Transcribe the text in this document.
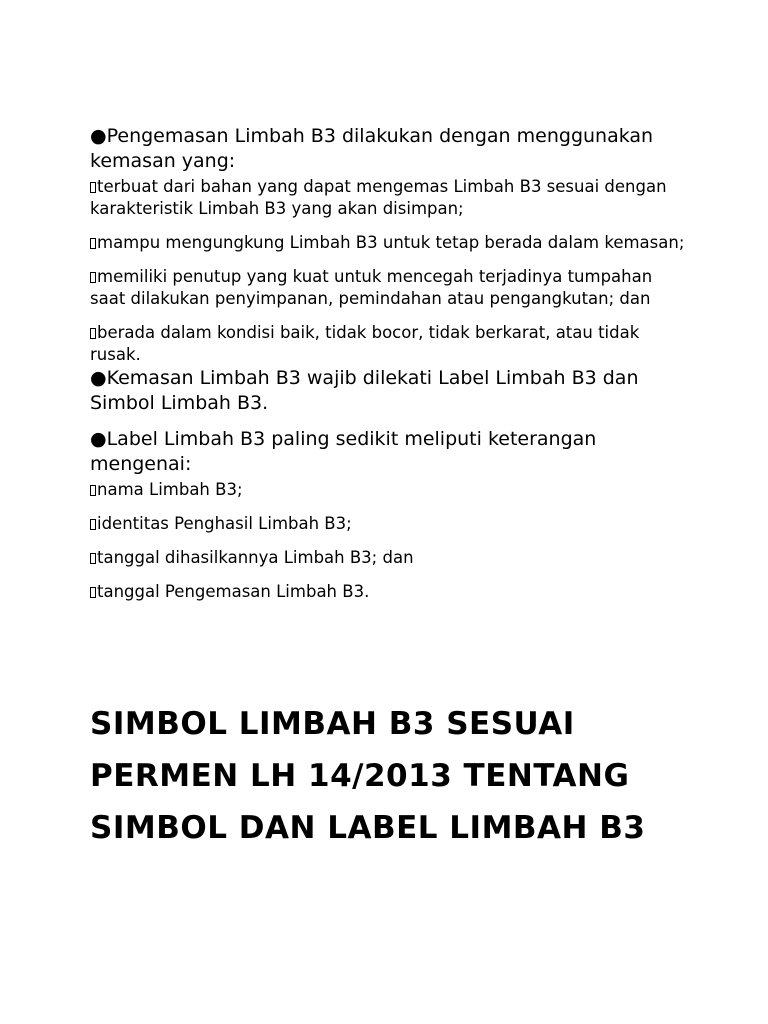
●Pengemasan Limbah B3 dilakukan dengan menggunakan kemasan yang:

terbuat dari bahan yang dapat mengemas Limbah B3 sesuai dengan karakteristik Limbah B3 yang akan disimpan;

mampu mengungkung Limbah B3 untuk tetap berada dalam kemasan;

memiliki penutup yang kuat untuk mencegah terjadinya tumpahan saat dilakukan penyimpanan, pemindahan atau pengangkutan; dan

berada dalam kondisi baik, tidak bocor, tidak berkarat, atau tidak rusak.

●Kemasan Limbah B3 wajib dilekati Label Limbah B3 dan Simbol Limbah B3.

●Label Limbah B3 paling sedikit meliputi keterangan mengenai:

nama Limbah B3;

identitas Penghasil Limbah B3;

tanggal dihasilkannya Limbah B3; dan

tanggal Pengemasan Limbah B3.

SIMBOL LIMBAH B3 SESUAI PERMEN LH 14/2013 TENTANG SIMBOL DAN LABEL LIMBAH B3
